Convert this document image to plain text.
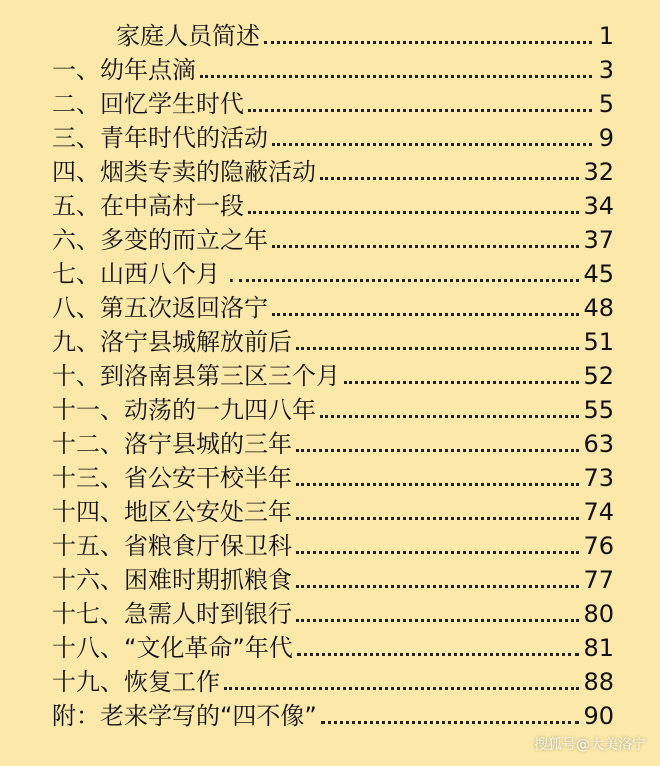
家庭人员简述	1
一、 幼年点滴	3
二、 回忆学生时代	5
三、 青年时代的活动	9
四、 烟类专卖的隐蔽活动	32
五、 在中高村一段	34
六、 多变的而立之年	37
七、 山西八个月 .	45
八、 第五次返回洛宁	48
九、 洛宁县城解放前后	51
十、 到洛南县第三区三个月	52
十一、 动荡的一九四八年	55
十二、 洛宁县城的三年	63
十三、 省公安干校半年	73
十四、 地区公安处三年	74
十五、 省粮食厅保卫科	76
十六、 困难时期抓粮食	77
十七、 急需人时到银行	80
十八、 “文化革命”年代	81
十九、 恢复工作	88
附： 老来学写的“四不像”	90
搜狐号@大美洛宁
